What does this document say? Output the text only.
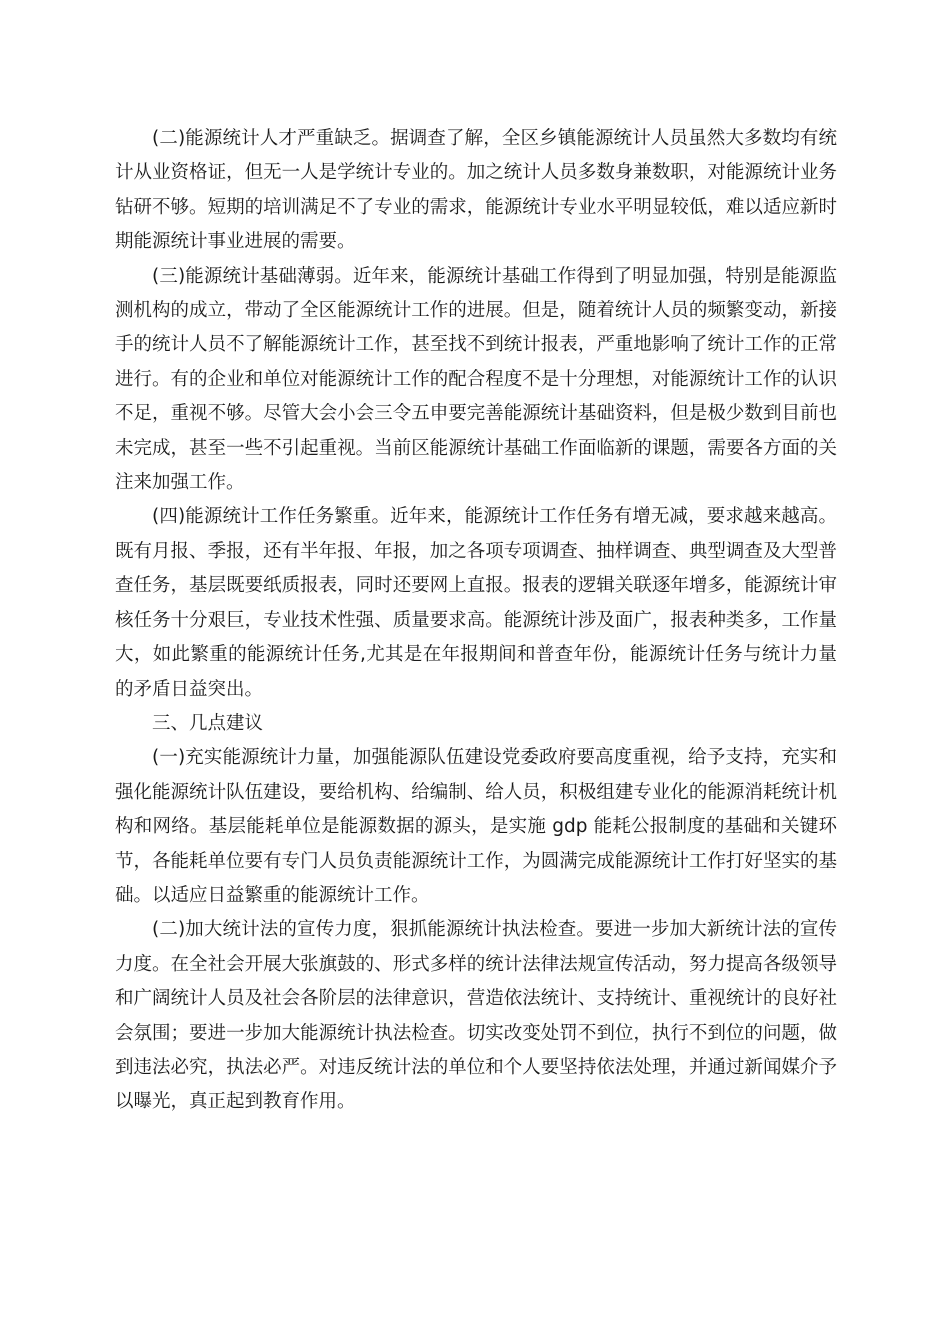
(二)能源统计人才严重缺乏。据调查了解，全区乡镇能源统计人员虽然大多数均有统计从业资格证，但无一人是学统计专业的。加之统计人员多数身兼数职，对能源统计业务钻研不够。短期的培训满足不了专业的需求，能源统计专业水平明显较低，难以适应新时期能源统计事业进展的需要。

(三)能源统计基础薄弱。近年来，能源统计基础工作得到了明显加强，特别是能源监测机构的成立，带动了全区能源统计工作的进展。但是，随着统计人员的频繁变动，新接手的统计人员不了解能源统计工作，甚至找不到统计报表，严重地影响了统计工作的正常进行。有的企业和单位对能源统计工作的配合程度不是十分理想，对能源统计工作的认识不足，重视不够。尽管大会小会三令五申要完善能源统计基础资料，但是极少数到目前也未完成，甚至一些不引起重视。当前区能源统计基础工作面临新的课题，需要各方面的关注来加强工作。

(四)能源统计工作任务繁重。近年来，能源统计工作任务有增无减，要求越来越高。既有月报、季报，还有半年报、年报，加之各项专项调查、抽样调查、典型调查及大型普查任务，基层既要纸质报表，同时还要网上直报。报表的逻辑关联逐年增多，能源统计审核任务十分艰巨，专业技术性强、质量要求高。能源统计涉及面广，报表种类多，工作量大，如此繁重的能源统计任务,尤其是在年报期间和普查年份，能源统计任务与统计力量的矛盾日益突出。

三、几点建议

(一)充实能源统计力量，加强能源队伍建设党委政府要高度重视，给予支持，充实和强化能源统计队伍建设，要给机构、给编制、给人员，积极组建专业化的能源消耗统计机构和网络。基层能耗单位是能源数据的源头，是实施 gdp 能耗公报制度的基础和关键环节，各能耗单位要有专门人员负责能源统计工作，为圆满完成能源统计工作打好坚实的基础。以适应日益繁重的能源统计工作。

(二)加大统计法的宣传力度，狠抓能源统计执法检查。要进一步加大新统计法的宣传力度。在全社会开展大张旗鼓的、形式多样的统计法律法规宣传活动，努力提高各级领导和广阔统计人员及社会各阶层的法律意识，营造依法统计、支持统计、重视统计的良好社会氛围；要进一步加大能源统计执法检查。切实改变处罚不到位，执行不到位的问题，做到违法必究，执法必严。对违反统计法的单位和个人要坚持依法处理，并通过新闻媒介予以曝光，真正起到教育作用。
